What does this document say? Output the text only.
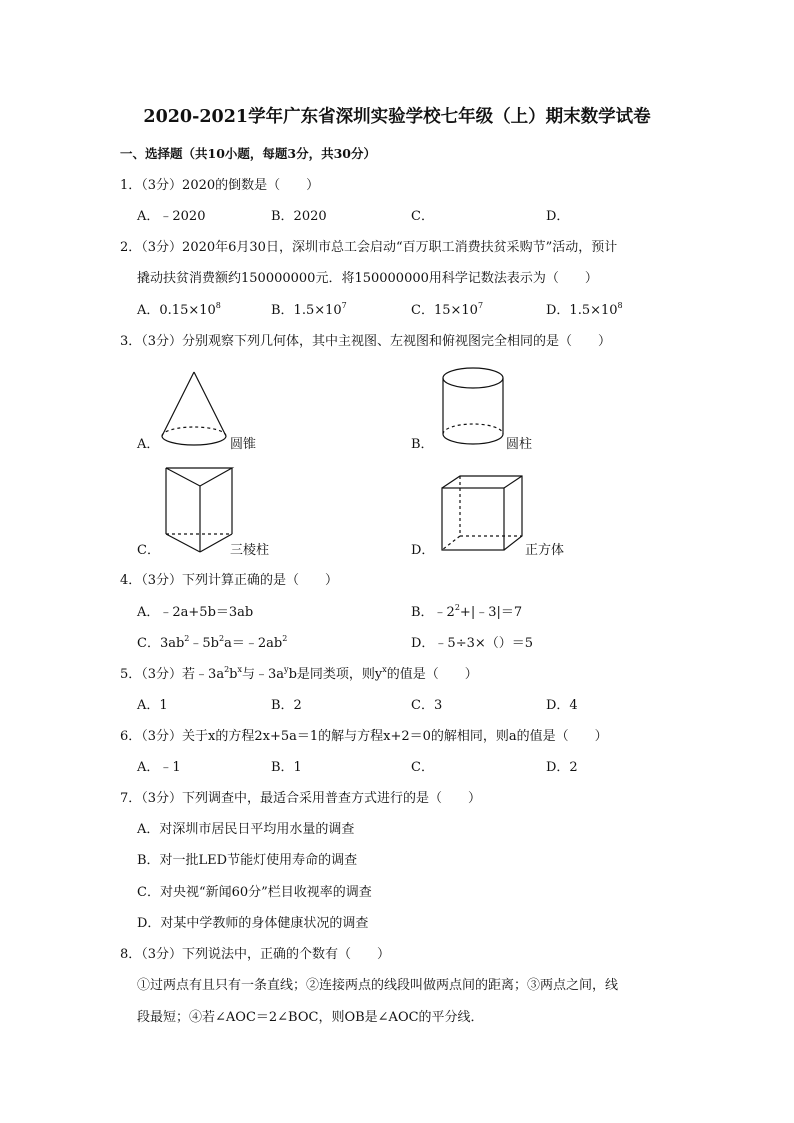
2020-2021学年广东省深圳实验学校七年级（上）期末数学试卷
一、选择题（共10小题，每题3分，共30分）
1．（3分）2020的倒数是（　　）
A．﹣2020	B．2020	C．	D．
2．（3分）2020年6月30日，深圳市总工会启动“百万职工消费扶贫采购节”活动，预计
撬动扶贫消费额约150000000元．将150000000用科学记数法表示为（　　）
A．$0.15\times 10^8$	B．$1.5\times 10^7$	C．$15\times 10^7$	D．$1.5\times 10^8$
3．（3分）分别观察下列几何体，其中主视图、左视图和俯视图完全相同的是（　　）
A．	圆锥	B．	圆柱
C．	三棱柱	D．	正方体
4．（3分）下列计算正确的是（　　）
A．﹣2a+5b＝3ab	B．$﹣2^2+|﹣3|=7$
C．$3ab^2﹣5b^2a=﹣2ab^2$	D．﹣5÷3×（）＝5
5．（3分）若$﹣3a^2b^x$与$﹣3a^yb$是同类项，则$y^x$的值是（　　）
A．1	B．2	C．3	D．4
6．（3分）关于x的方程2x+5a＝1的解与方程x+2＝0的解相同，则a的值是（　　）
A．﹣1	B．1	C．	D．2
7．（3分）下列调查中，最适合采用普查方式进行的是（　　）
A．对深圳市居民日平均用水量的调查
B．对一批LED节能灯使用寿命的调查
C．对央视“新闻60分”栏目收视率的调查
D．对某中学教师的身体健康状况的调查
8．（3分）下列说法中，正确的个数有（　　）
①过两点有且只有一条直线；②连接两点的线段叫做两点间的距离；③两点之间，线
段最短；④若∠AOC＝2∠BOC，则OB是∠AOC的平分线．
